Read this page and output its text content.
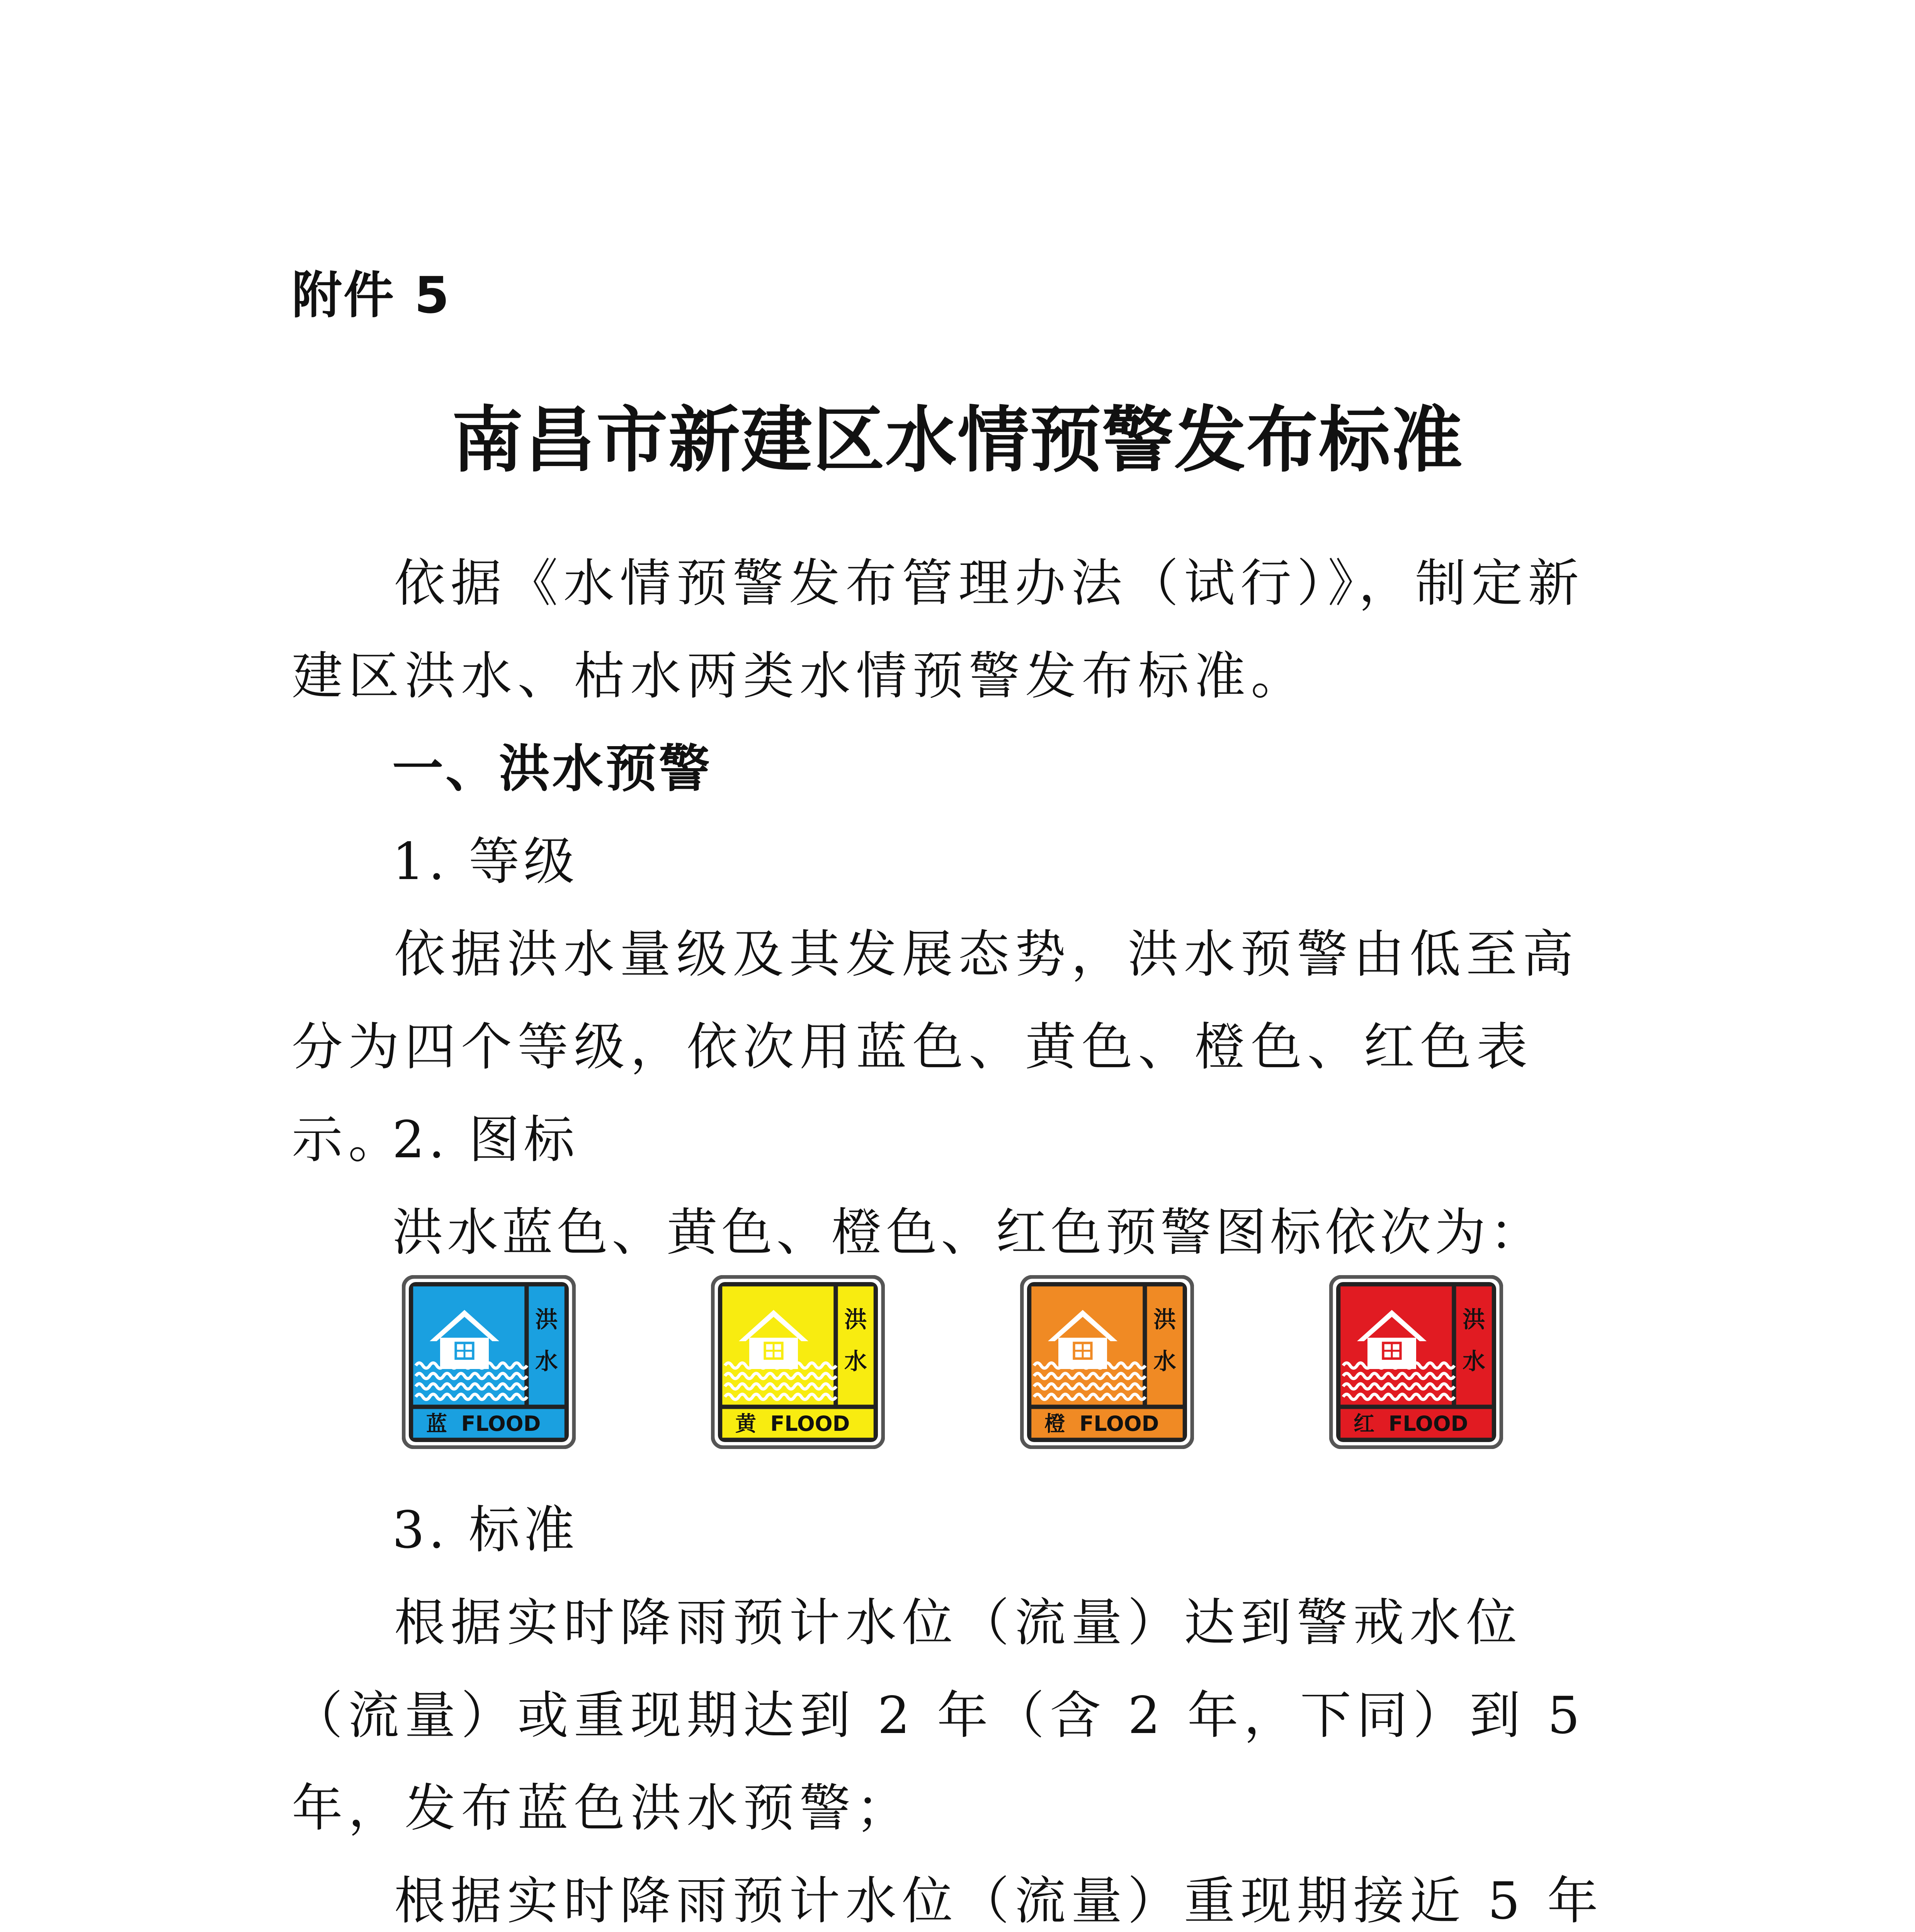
附件 5
南昌市新建区水情预警发布标准
依据《水情预警发布管理办法（试行）》，制定新建区洪水、枯水两类水情预警发布标准。
一、洪水预警
1. 等级
依据洪水量级及其发展态势，洪水预警由低至高分为四个等级，依次用蓝色、黄色、橙色、红色表示。
2. 图标
洪水蓝色、黄色、橙色、红色预警图标依次为：
洪
水
蓝	FLOOD
洪
水
黄	FLOOD
洪
水
橙	FLOOD
洪
水
红	FLOOD
3. 标准
根据实时降雨预计水位（流量）达到警戒水位（流量）或重现期达到 2 年（含 2 年，下同）到 5 年，发布蓝色洪水预警；
根据实时降雨预计水位（流量）重现期接近 5 年
